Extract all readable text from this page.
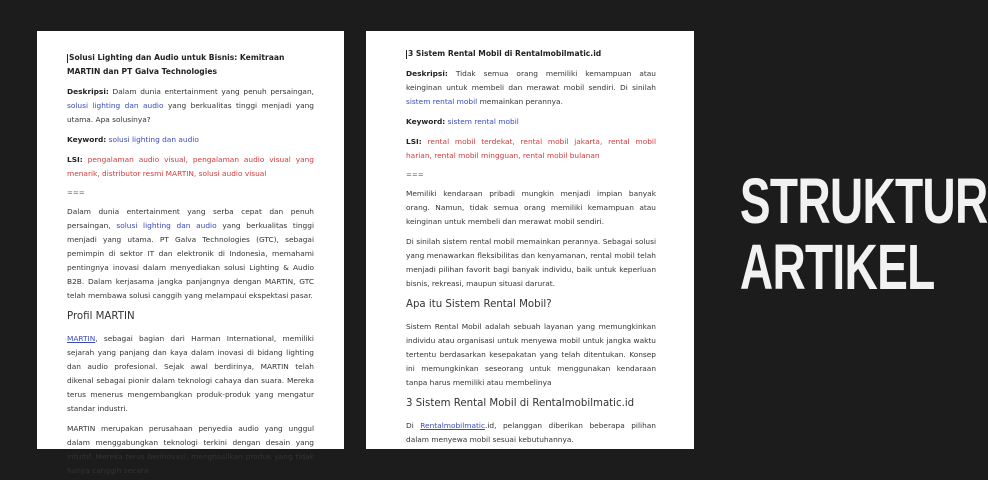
Solusi Lighting dan Audio untuk Bisnis: Kemitraan MARTIN dan PT Galva Technologies

Deskripsi: Dalam dunia entertainment yang penuh persaingan, solusi lighting dan audio yang berkualitas tinggi menjadi yang utama. Apa solusinya?

Keyword: solusi lighting dan audio

LSI: pengalaman audio visual, pengalaman audio visual yang menarik, distributor resmi MARTIN, solusi audio visual

===

Dalam dunia entertainment yang serba cepat dan penuh persaingan, solusi lighting dan audio yang berkualitas tinggi menjadi yang utama. PT Galva Technologies (GTC), sebagai pemimpin di sektor IT dan elektronik di Indonesia, memahami pentingnya inovasi dalam menyediakan solusi Lighting & Audio B2B. Dalam kerjasama jangka panjangnya dengan MARTIN, GTC telah membawa solusi canggih yang melampaui ekspektasi pasar.

Profil MARTIN

MARTIN, sebagai bagian dari Harman International, memiliki sejarah yang panjang dan kaya dalam inovasi di bidang lighting dan audio profesional. Sejak awal berdirinya, MARTIN telah dikenal sebagai pionir dalam teknologi cahaya dan suara. Mereka terus menerus mengembangkan produk-produk yang mengatur standar industri.

MARTIN merupakan perusahaan penyedia audio yang unggul dalam menggabungkan teknologi terkini dengan desain yang intuitif. Mereka terus berinovasi, menghasilkan produk yang tidak hanya canggih secara

3 Sistem Rental Mobil di Rentalmobilmatic.id

Deskripsi: Tidak semua orang memiliki kemampuan atau keinginan untuk membeli dan merawat mobil sendiri. Di sinilah sistem rental mobil memainkan perannya.

Keyword: sistem rental mobil

LSI: rental mobil terdekat, rental mobil jakarta, rental mobil harian, rental mobil mingguan, rental mobil bulanan

===

Memiliki kendaraan pribadi mungkin menjadi impian banyak orang. Namun, tidak semua orang memiliki kemampuan atau keinginan untuk membeli dan merawat mobil sendiri.

Di sinilah sistem rental mobil memainkan perannya. Sebagai solusi yang menawarkan fleksibilitas dan kenyamanan, rental mobil telah menjadi pilihan favorit bagi banyak individu, baik untuk keperluan bisnis, rekreasi, maupun situasi darurat.

Apa itu Sistem Rental Mobil?

Sistem Rental Mobil adalah sebuah layanan yang memungkinkan individu atau organisasi untuk menyewa mobil untuk jangka waktu tertentu berdasarkan kesepakatan yang telah ditentukan. Konsep ini memungkinkan seseorang untuk menggunakan kendaraan tanpa harus memiliki atau membelinya

3 Sistem Rental Mobil di Rentalmobilmatic.id

Di Rentalmobilmatic.id, pelanggan diberikan beberapa pilihan dalam menyewa mobil sesuai kebutuhannya.

STRUKTUR
ARTIKEL
